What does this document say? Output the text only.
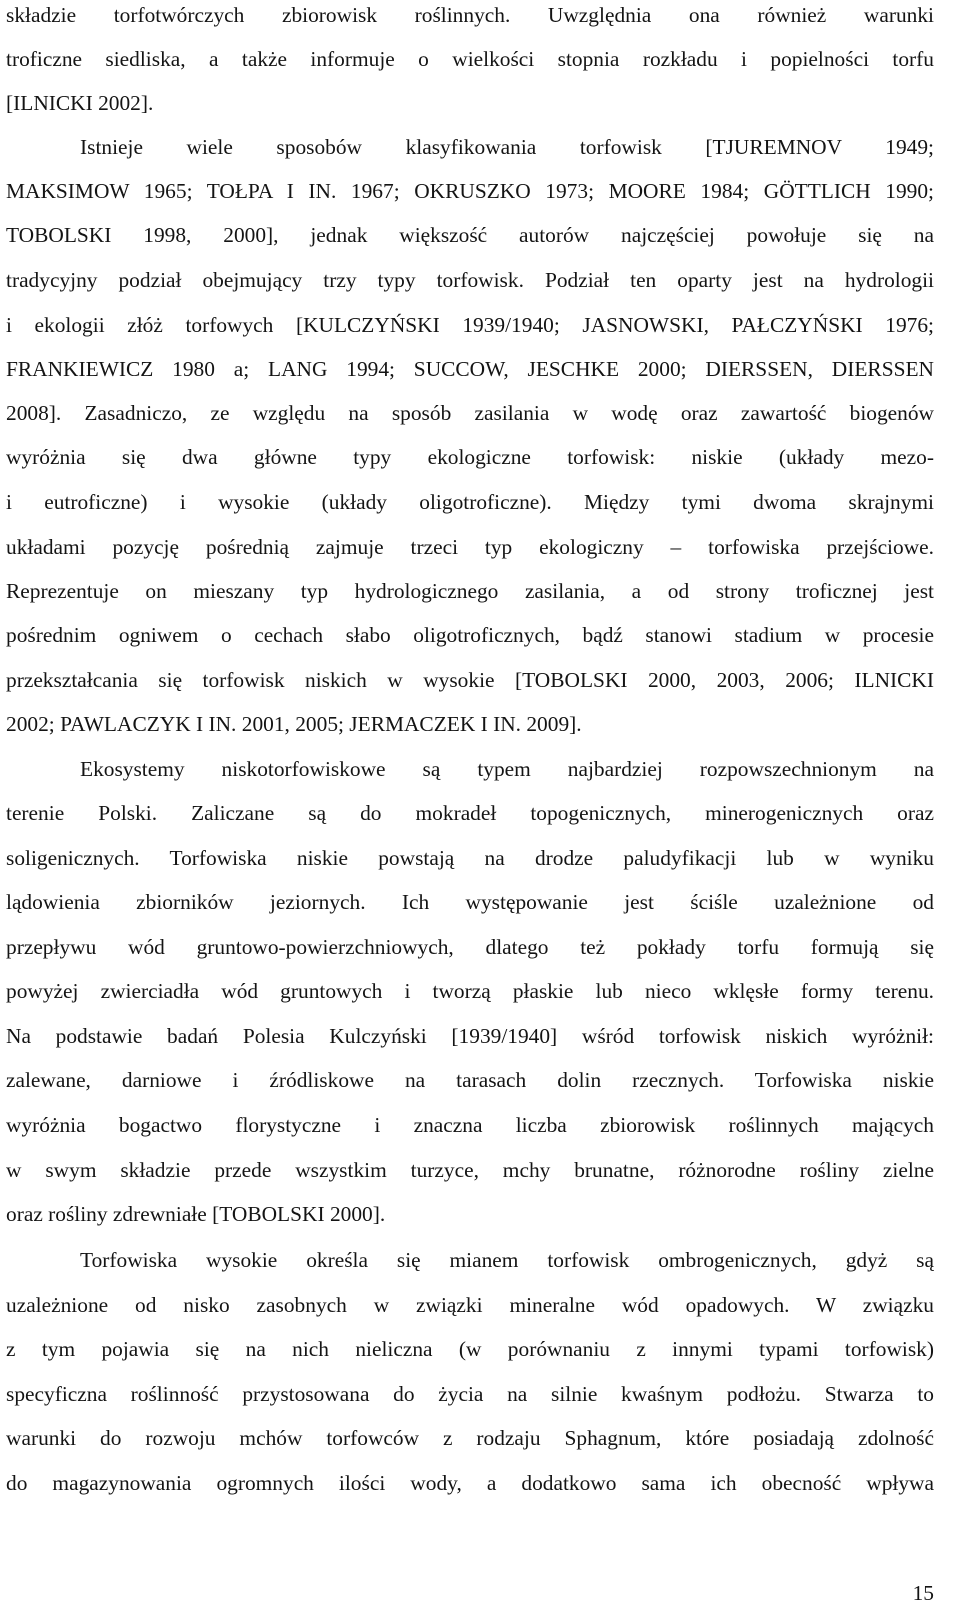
składzie torfotwórczych zbiorowisk roślinnych. Uwzględnia ona również warunki
troficzne siedliska, a także informuje o wielkości stopnia rozkładu i popielności torfu
[ILNICKI 2002].
Istnieje wiele sposobów klasyfikowania torfowisk [TJUREMNOV 1949;
MAKSIMOW 1965; TOŁPA I IN. 1967; OKRUSZKO 1973; MOORE 1984; GÖTTLICH 1990;
TOBOLSKI 1998, 2000], jednak większość autorów najczęściej powołuje się na
tradycyjny podział obejmujący trzy typy torfowisk. Podział ten oparty jest na hydrologii
i ekologii złóż torfowych [KULCZYŃSKI 1939/1940; JASNOWSKI, PAŁCZYŃSKI 1976;
FRANKIEWICZ 1980 a; LANG 1994; SUCCOW, JESCHKE 2000; DIERSSEN, DIERSSEN
2008]. Zasadniczo, ze względu na sposób zasilania w wodę oraz zawartość biogenów
wyróżnia się dwa główne typy ekologiczne torfowisk: niskie (układy mezo-
i eutroficzne) i wysokie (układy oligotroficzne). Między tymi dwoma skrajnymi
układami pozycję pośrednią zajmuje trzeci typ ekologiczny – torfowiska przejściowe.
Reprezentuje on mieszany typ hydrologicznego zasilania, a od strony troficznej jest
pośrednim ogniwem o cechach słabo oligotroficznych, bądź stanowi stadium w procesie
przekształcania się torfowisk niskich w wysokie [TOBOLSKI 2000, 2003, 2006; ILNICKI
2002; PAWLACZYK I IN. 2001, 2005; JERMACZEK I IN. 2009].
Ekosystemy niskotorfowiskowe są typem najbardziej rozpowszechnionym na
terenie Polski. Zaliczane są do mokradeł topogenicznych, minerogenicznych oraz
soligenicznych. Torfowiska niskie powstają na drodze paludyfikacji lub w wyniku
lądowienia zbiorników jeziornych. Ich występowanie jest ściśle uzależnione od
przepływu wód gruntowo-powierzchniowych, dlatego też pokłady torfu formują się
powyżej zwierciadła wód gruntowych i tworzą płaskie lub nieco wklęsłe formy terenu.
Na podstawie badań Polesia Kulczyński [1939/1940] wśród torfowisk niskich wyróżnił:
zalewane, darniowe i źródliskowe na tarasach dolin rzecznych. Torfowiska niskie
wyróżnia bogactwo florystyczne i znaczna liczba zbiorowisk roślinnych mających
w swym składzie przede wszystkim turzyce, mchy brunatne, różnorodne rośliny zielne
oraz rośliny zdrewniałe [TOBOLSKI 2000].
Torfowiska wysokie określa się mianem torfowisk ombrogenicznych, gdyż są
uzależnione od nisko zasobnych w związki mineralne wód opadowych. W związku
z tym pojawia się na nich nieliczna (w porównaniu z innymi typami torfowisk)
specyficzna roślinność przystosowana do życia na silnie kwaśnym podłożu. Stwarza to
warunki do rozwoju mchów torfowców z rodzaju Sphagnum, które posiadają zdolność
do magazynowania ogromnych ilości wody, a dodatkowo sama ich obecność wpływa
15
